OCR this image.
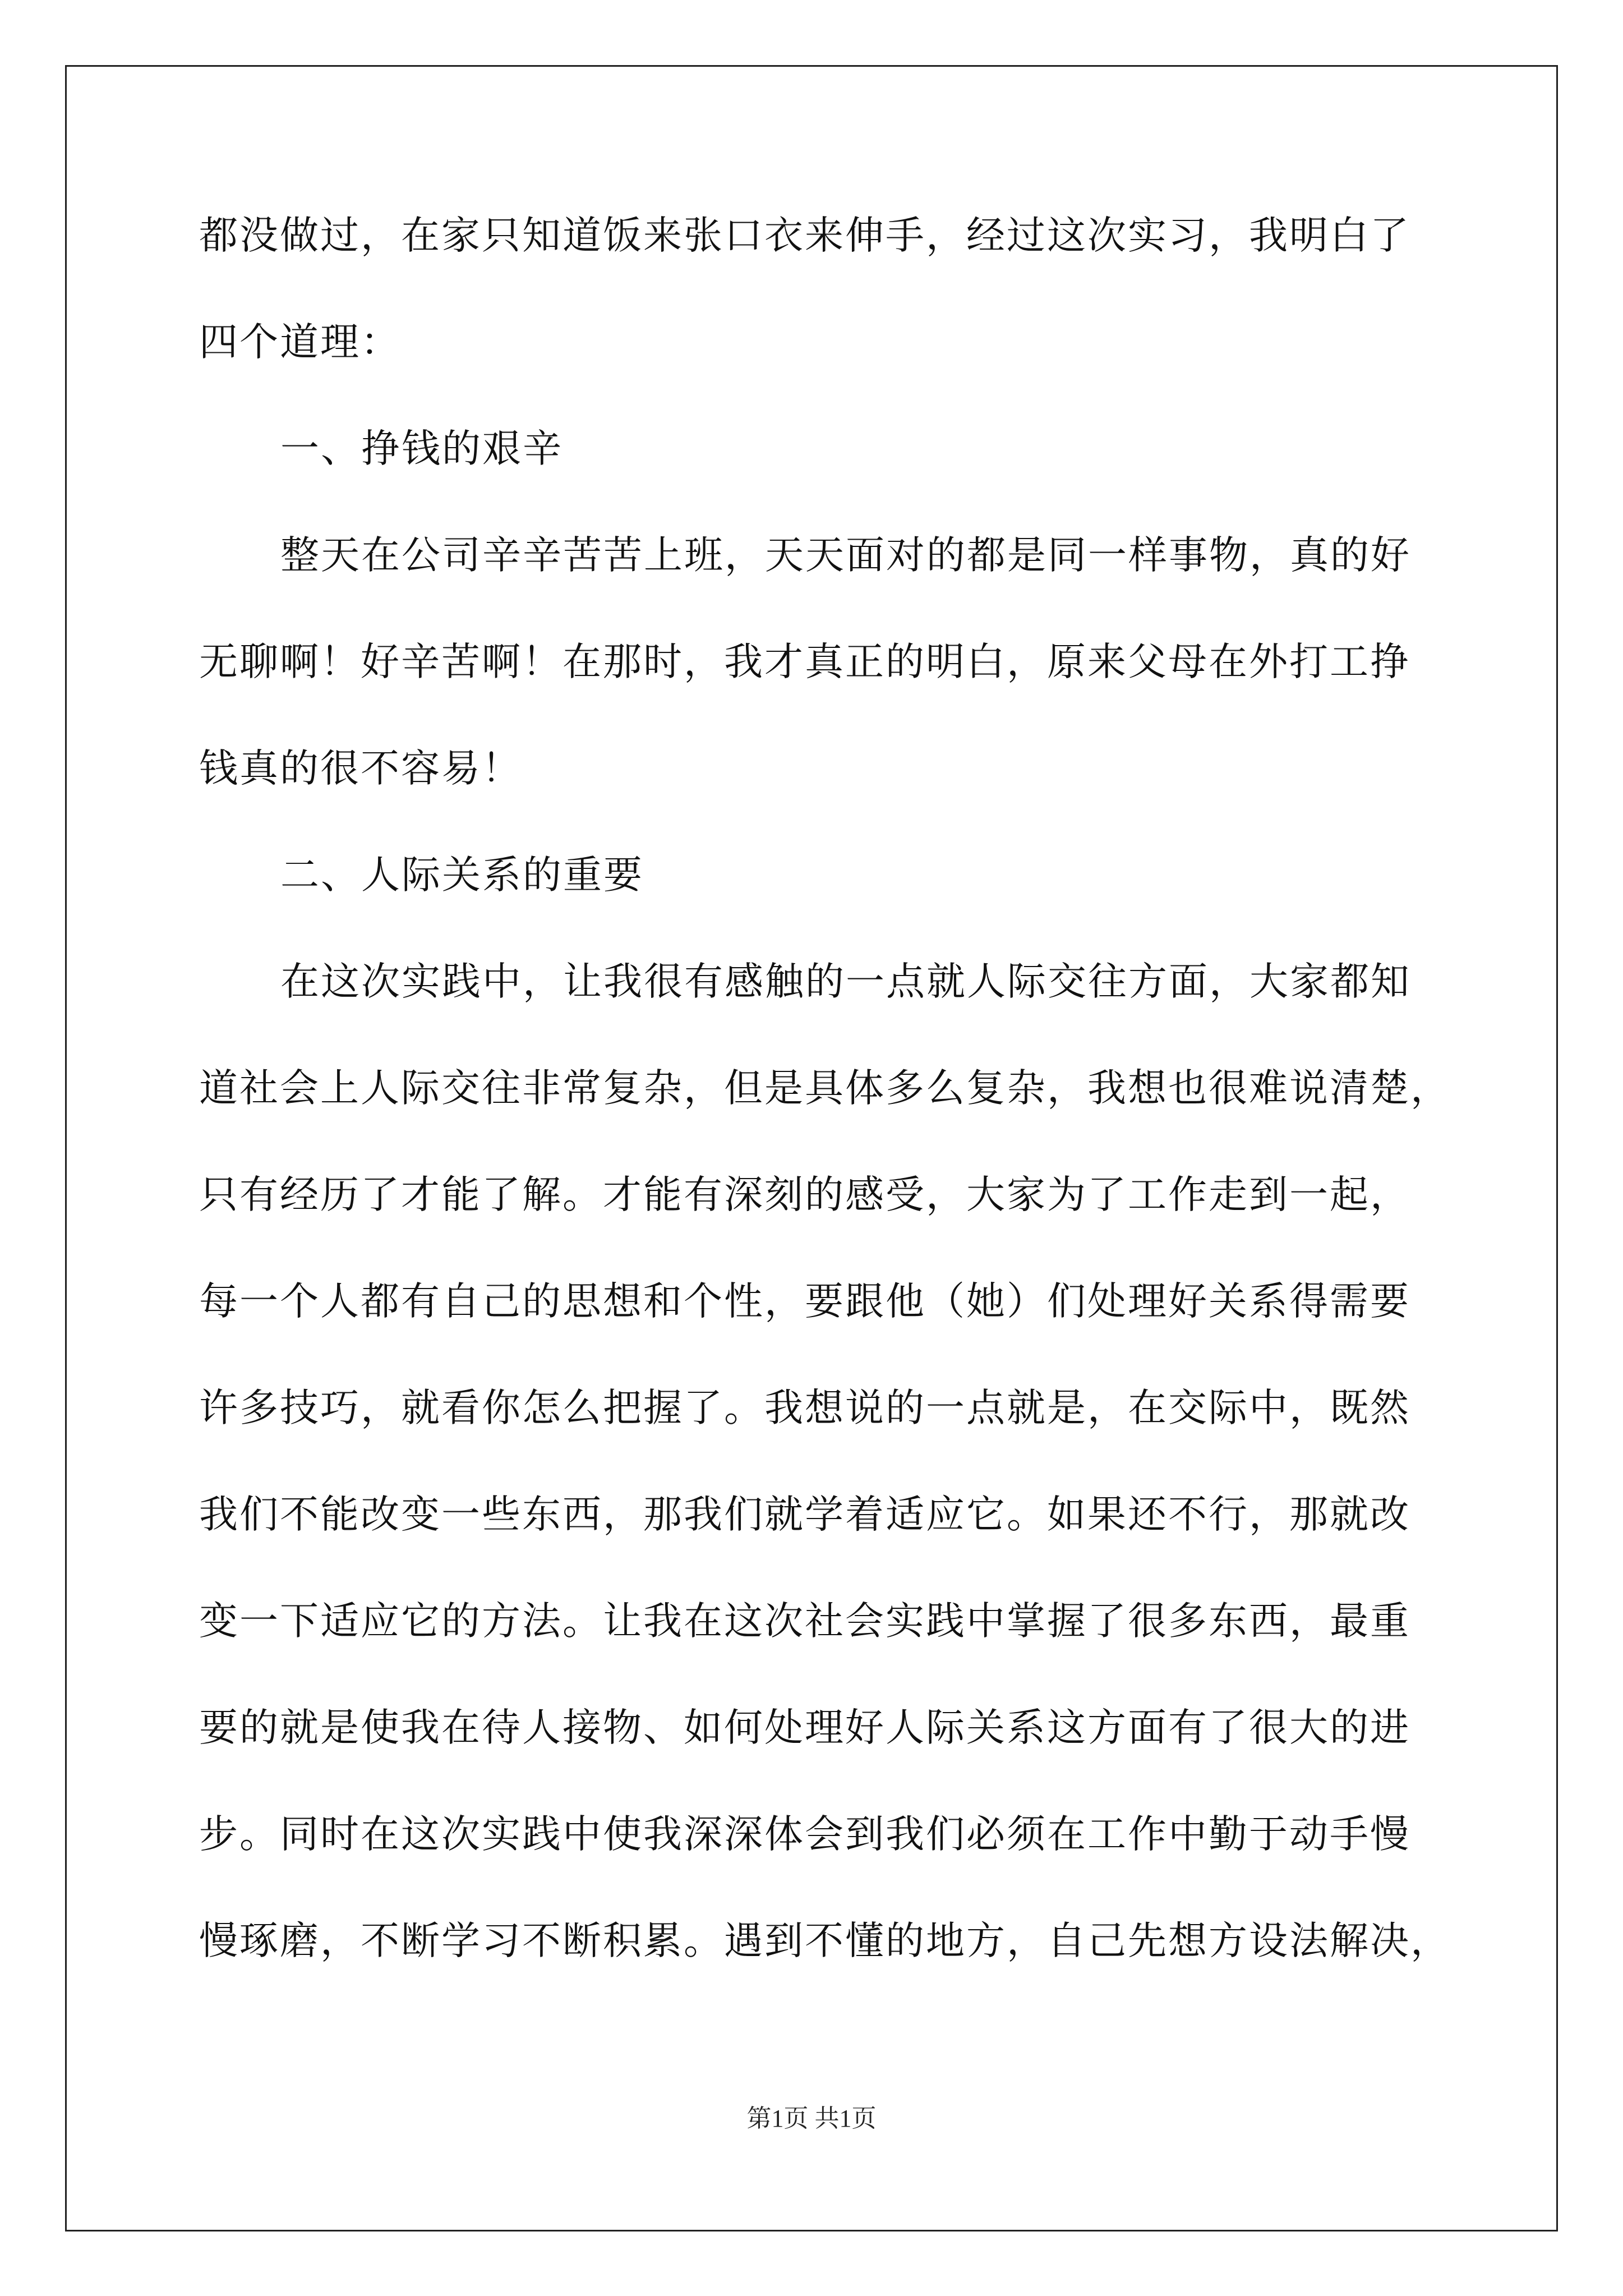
都没做过，在家只知道饭来张口衣来伸手，经过这次实习，我明白了
四个道理：
一、挣钱的艰辛
整天在公司辛辛苦苦上班，天天面对的都是同一样事物，真的好
无聊啊！好辛苦啊！在那时，我才真正的明白，原来父母在外打工挣
钱真的很不容易！
二、人际关系的重要
在这次实践中，让我很有感触的一点就人际交往方面，大家都知
道社会上人际交往非常复杂，但是具体多么复杂，我想也很难说清楚，
只有经历了才能了解。才能有深刻的感受，大家为了工作走到一起，
每一个人都有自己的思想和个性，要跟他（她）们处理好关系得需要
许多技巧，就看你怎么把握了。我想说的一点就是，在交际中，既然
我们不能改变一些东西，那我们就学着适应它。如果还不行，那就改
变一下适应它的方法。让我在这次社会实践中掌握了很多东西，最重
要的就是使我在待人接物、如何处理好人际关系这方面有了很大的进
步。同时在这次实践中使我深深体会到我们必须在工作中勤于动手慢
慢琢磨，不断学习不断积累。遇到不懂的地方，自己先想方设法解决，
第1页 共1页
